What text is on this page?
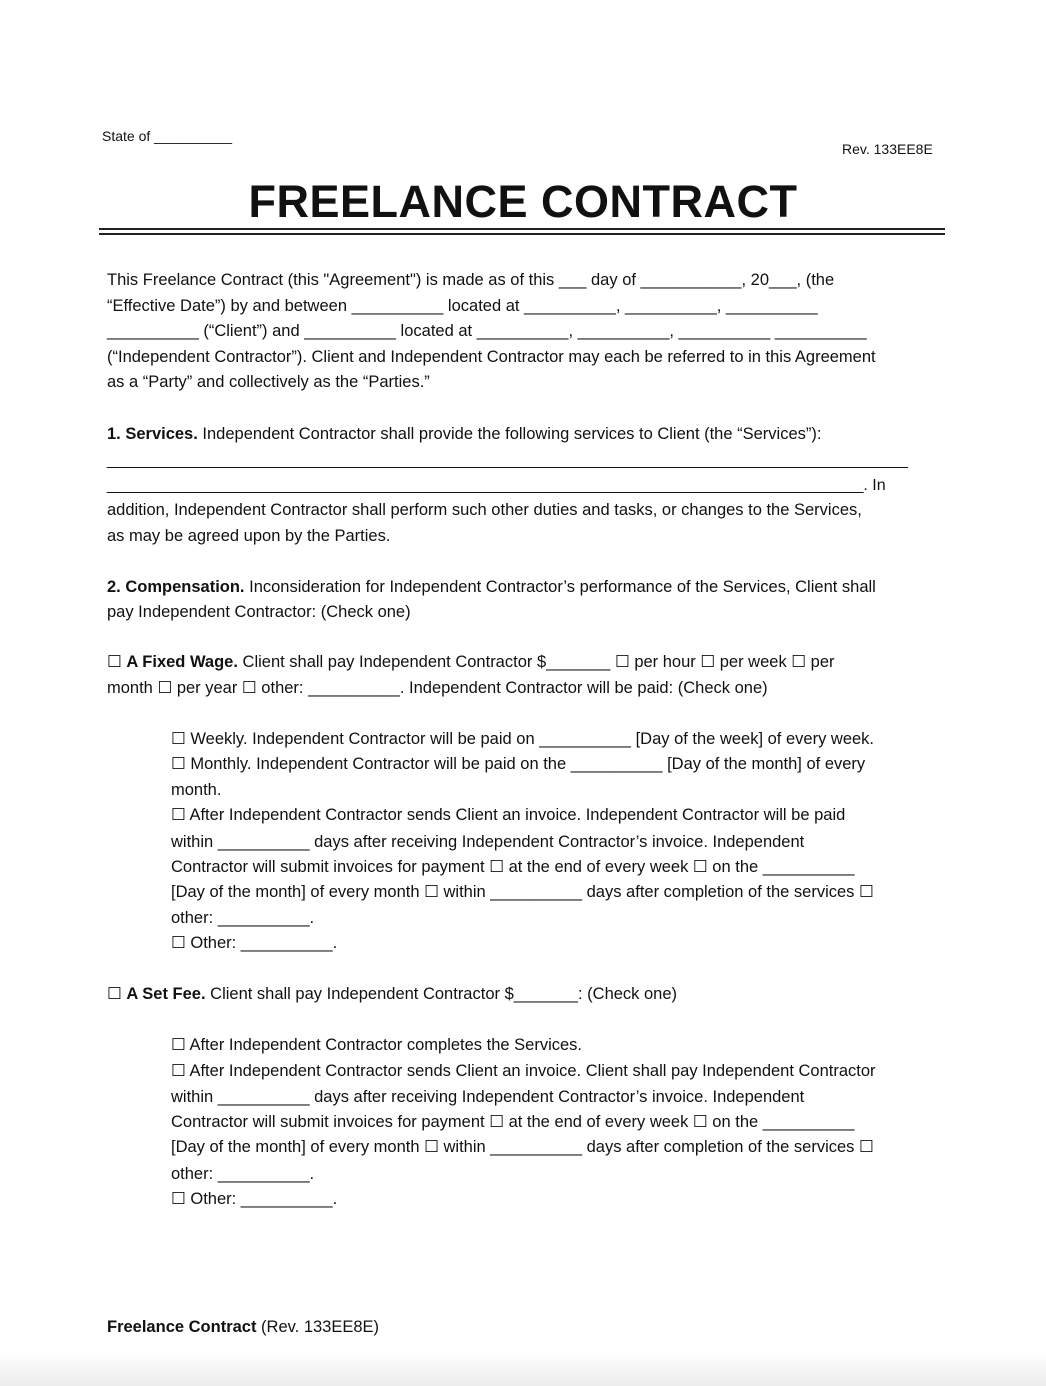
State of __________
Rev. 133EE8E
FREELANCE CONTRACT
This Freelance Contract (this "Agreement") is made as of this ___ day of ___________, 20___, (the
“Effective Date”) by and between __________ located at __________, __________, __________
__________ (“Client”) and __________ located at __________, __________, __________ __________
(“Independent Contractor”). Client and Independent Contractor may each be referred to in this Agreement
as a “Party” and collectively as the “Parties.”
1. Services. Independent Contractor shall provide the following services to Client (the “Services”):
__________________________________________________________________________________________
_____________________________________________________________________________________. In
addition, Independent Contractor shall perform such other duties and tasks, or changes to the Services,
as may be agreed upon by the Parties.
2. Compensation. Inconsideration for Independent Contractor’s performance of the Services, Client shall
pay Independent Contractor: (Check one)
☐ A Fixed Wage. Client shall pay Independent Contractor $_______ ☐ per hour ☐ per week ☐ per
month ☐ per year ☐ other: __________. Independent Contractor will be paid: (Check one)
☐ Weekly. Independent Contractor will be paid on __________ [Day of the week] of every week.
☐ Monthly. Independent Contractor will be paid on the __________ [Day of the month] of every
month.
☐ After Independent Contractor sends Client an invoice. Independent Contractor will be paid
within __________ days after receiving Independent Contractor’s invoice. Independent
Contractor will submit invoices for payment ☐ at the end of every week ☐ on the __________
[Day of the month] of every month ☐ within __________ days after completion of the services ☐
other: __________.
☐ Other: __________.
☐ A Set Fee. Client shall pay Independent Contractor $_______: (Check one)
☐ After Independent Contractor completes the Services.
☐ After Independent Contractor sends Client an invoice. Client shall pay Independent Contractor
within __________ days after receiving Independent Contractor’s invoice. Independent
Contractor will submit invoices for payment ☐ at the end of every week ☐ on the __________
[Day of the month] of every month ☐ within __________ days after completion of the services ☐
other: __________.
☐ Other: __________.
Freelance Contract (Rev. 133EE8E)
